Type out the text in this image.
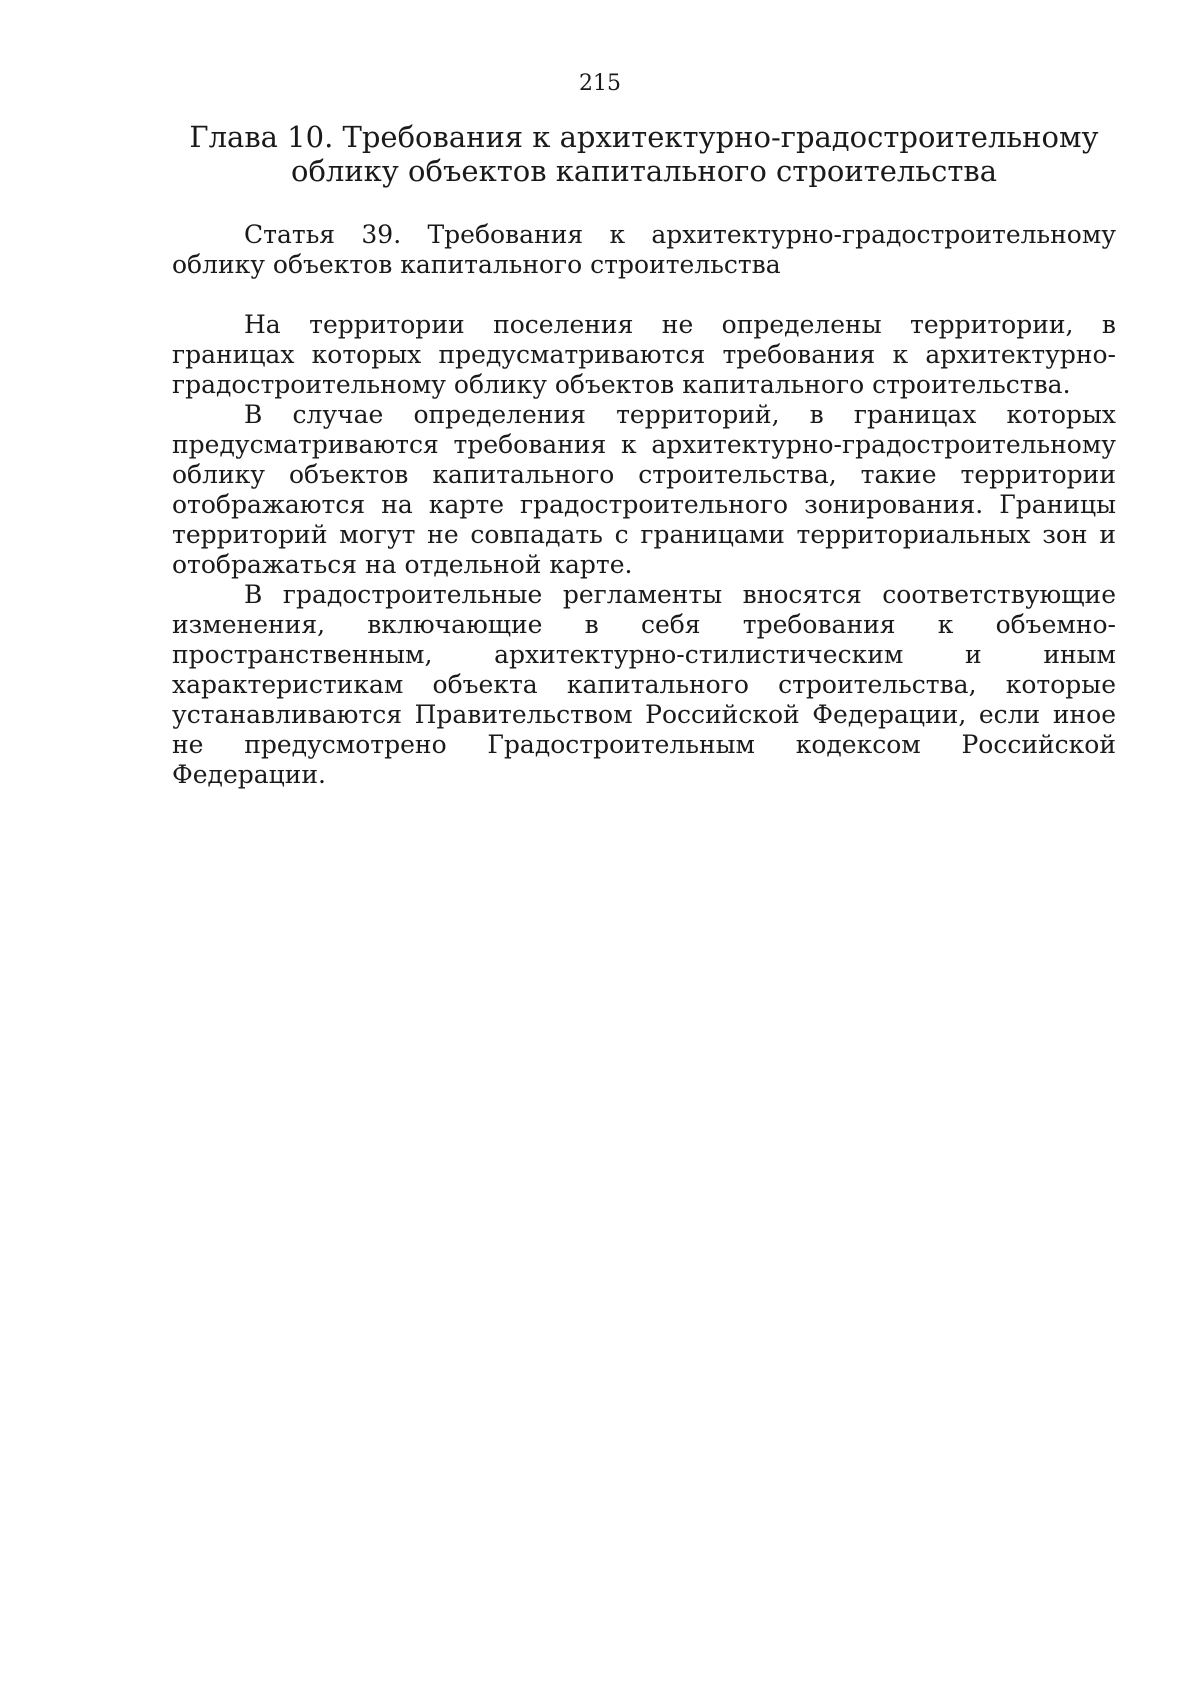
215
Глава 10. Требования к архитектурно-градостроительному облику объектов капитального строительства
Статья 39. Требования к архитектурно-градостроительному облику объектов капитального строительства

На территории поселения не определены территории, в границах которых предусматриваются требования к архитектурно-градостроительному облику объектов капитального строительства.

В случае определения территорий, в границах которых предусматриваются требования к архитектурно-градостроительному облику объектов капитального строительства, такие территории отображаются на карте градостроительного зонирования. Границы территорий могут не совпадать с границами территориальных зон и отображаться на отдельной карте.

В градостроительные регламенты вносятся соответствующие изменения, включающие в себя требования к объемно-пространственным, архитектурно-стилистическим и иным характеристикам объекта капитального строительства, которые устанавливаются Правительством Российской Федерации, если иное не предусмотрено Градостроительным кодексом Российской Федерации.
